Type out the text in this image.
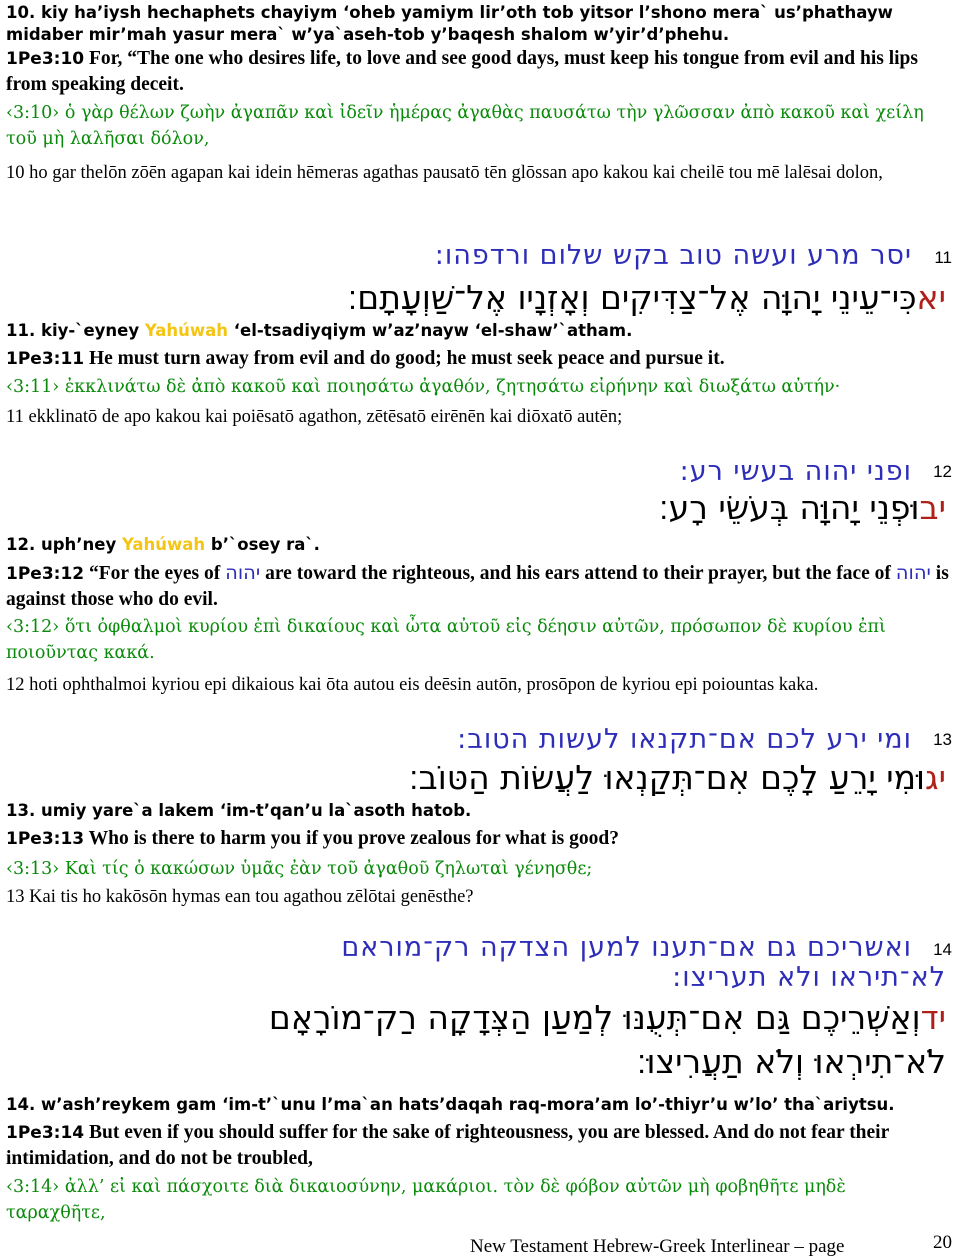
10. kiy ha’iysh hechaphets chayiym ‘oheb yamiym lir’oth tob yitsor l’shono mera` us’phathayw midaber mir’mah yasur mera` w’ya`aseh-tob y’baqesh shalom w’yir’d’phehu.

1Pe3:10 For, “The one who desires life, to love and see good days, must keep his tongue from evil and his lips from speaking deceit.

‹3:10› ὁ γὰρ θέλων ζωὴν ἀγαπᾶν καὶ ἰδεῖν ἡμέρας ἀγαθὰς παυσάτω τὴν γλῶσσαν ἀπὸ κακοῦ καὶ χείλη τοῦ μὴ λαλῆσαι δόλον,

10 ho gar thelōn zōēn agapan kai idein hēmeras agathas pausatō tēn glōssan apo kakou kai cheilē tou mē lalēsai dolon,

יסר מרע ועשה טוב בקש שלום ורדפהו: 11
יאכִּי־עֵינֵי יָהוָּה אֶל־צַדִּיקִים וְאָזְנָיו אֶל־שַׁוְעָתָם׃

11. kiy-`eyney Yahúwah ‘el-tsadiyqiym w’az’nayw ‘el-shaw’`atham.

1Pe3:11 He must turn away from evil and do good; he must seek peace and pursue it.

‹3:11› ἐκκλινάτω δὲ ἀπὸ κακοῦ καὶ ποιησάτω ἀγαθόν, ζητησάτω εἰρήνην καὶ διωξάτω αὐτήν·

11 ekklinatō de apo kakou kai poiēsatō agathon, zētēsatō eirēnēn kai diōxatō autēn;

ופני יהוה בעשי רע: 12
יבוּפְנֵי יָהוָּה בְּעֹשֵׂי רָע׃

12. uph’ney Yahúwah b’`osey ra`.

1Pe3:12 “For the eyes of יהוה are toward the righteous, and his ears attend to their prayer, but the face of יהוה is against those who do evil.

‹3:12› ὅτι ὀφθαλμοὶ κυρίου ἐπὶ δικαίους καὶ ὦτα αὐτοῦ εἰς δέησιν αὐτῶν, πρόσωπον δὲ κυρίου ἐπὶ ποιοῦντας κακά.

12 hoti ophthalmoi kyriou epi dikaious kai ōta autou eis deēsin autōn, prosōpon de kyriou epi poiountas kaka.

ומי ירע לכם אם־תקנאו לעשות הטוב: 13
יגוּמִי יָרֵעַ לָכֶם אִם־תְּקַנְאוּ לַעֲשׂוֹת הַטּוֹב׃

13. umiy yare`a lakem ‘im-t’qan’u la`asoth hatob.

1Pe3:13 Who is there to harm you if you prove zealous for what is good?

‹3:13› Καὶ τίς ὁ κακώσων ὑμᾶς ἐὰν τοῦ ἀγαθοῦ ζηλωταὶ γένησθε;

13 Kai tis ho kakōsōn hymas ean tou agathou zēlōtai genēsthe?

ואשריכם גם אם־תענו למען הצדקה רק־מוראם 14
לא־תיראו ולא תעריצו:
ידוְאַשְׁרֵיכֶם גַּם אִם־תְּעֻנּוּ לְמַעַן הַצְּדָקָה רַק־מוֹרָאָם
לֹא־תִירְאוּ וְלֹא תַעֲרִיצוּ׃

14. w’ash’reykem gam ‘im-t’`unu l’ma`an hats’daqah raq-mora’am lo’-thiyr’u w’lo’ tha`ariytsu.

1Pe3:14 But even if you should suffer for the sake of righteousness, you are blessed. And do not fear their intimidation, and do not be troubled,

‹3:14› ἀλλ’ εἰ καὶ πάσχοιτε διὰ δικαιοσύνην, μακάριοι. τὸν δὲ φόβον αὐτῶν μὴ φοβηθῆτε μηδὲ ταραχθῆτε,

New Testament Hebrew-Greek Interlinear – page	20
